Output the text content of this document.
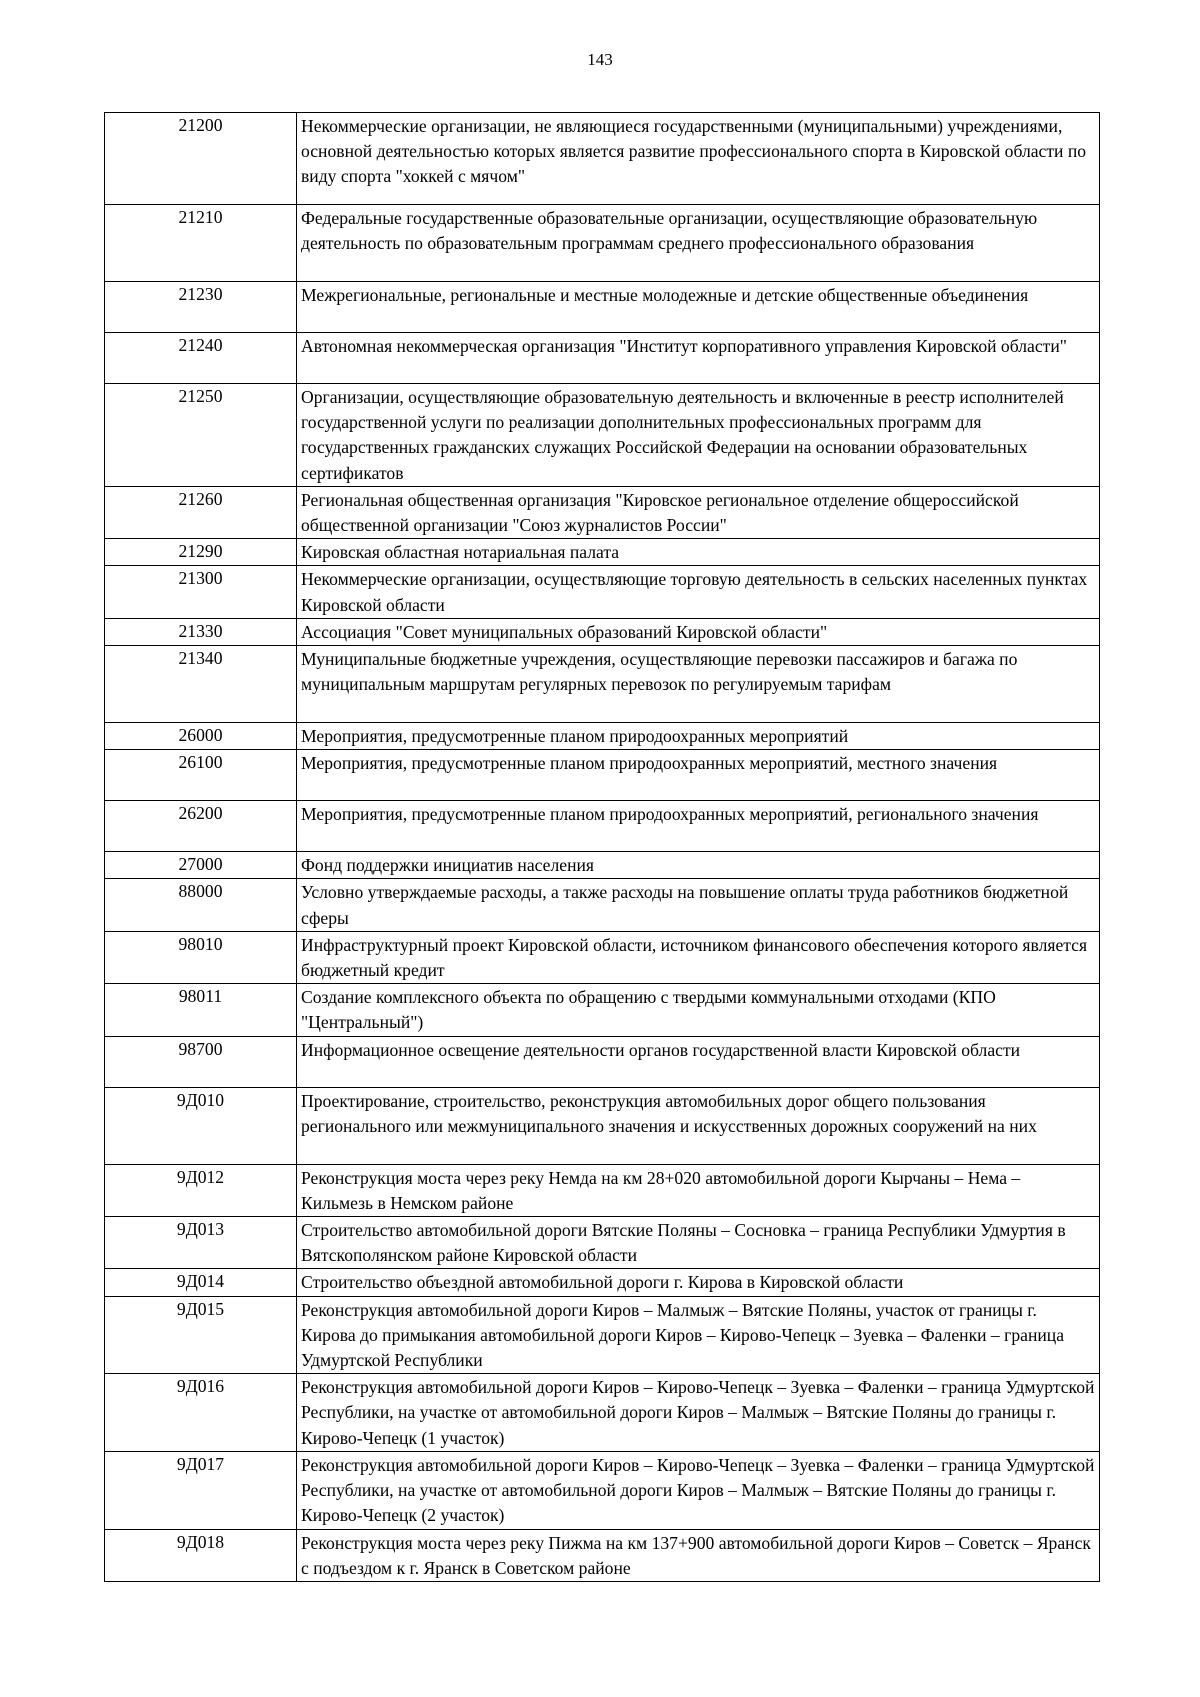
143
21200	Некоммерческие организации, не являющиеся государственными (муниципальными) учреждениями, основной деятельностью которых является развитие профессионального спорта в Кировской области по виду спорта "хоккей с мячом"
21210	Федеральные государственные образовательные организации, осуществляющие образовательную деятельность по образовательным программам среднего профессионального образования
21230	Межрегиональные, региональные и местные молодежные и детские общественные объединения
21240	Автономная некоммерческая организация "Институт корпоративного управления Кировской области"
21250	Организации, осуществляющие образовательную деятельность и включенные в реестр исполнителей государственной услуги по реализации дополнительных профессиональных программ для государственных гражданских служащих Российской Федерации на основании образовательных сертификатов
21260	Региональная общественная организация "Кировское региональное отделение общероссийской общественной организации "Союз журналистов России"
21290	Кировская областная нотариальная палата
21300	Некоммерческие организации, осуществляющие торговую деятельность в сельских населенных пунктах Кировской области
21330	Ассоциация "Совет муниципальных образований Кировской области"
21340	Муниципальные бюджетные учреждения, осуществляющие перевозки пассажиров и багажа по муниципальным маршрутам регулярных перевозок по регулируемым тарифам
26000	Мероприятия, предусмотренные планом природоохранных мероприятий
26100	Мероприятия, предусмотренные планом природоохранных мероприятий, местного значения
26200	Мероприятия, предусмотренные планом природоохранных мероприятий, регионального значения
27000	Фонд поддержки инициатив населения
88000	Условно утверждаемые расходы, а также расходы на повышение оплаты труда работников бюджетной сферы
98010	Инфраструктурный проект Кировской области, источником финансового обеспечения которого является бюджетный кредит
98011	Создание комплексного объекта по обращению с твердыми коммунальными отходами (КПО "Центральный")
98700	Информационное освещение деятельности органов государственной власти Кировской области
9Д010	Проектирование, строительство, реконструкция автомобильных дорог общего пользования регионального или межмуниципального значения и искусственных дорожных сооружений на них
9Д012	Реконструкция моста через реку Немда на км 28+020 автомобильной дороги Кырчаны – Нема – Кильмезь в Немском районе
9Д013	Строительство автомобильной дороги Вятские Поляны – Сосновка – граница Республики Удмуртия в Вятскополянском районе Кировской области
9Д014	Строительство объездной автомобильной дороги г. Кирова в Кировской области
9Д015	Реконструкция автомобильной дороги Киров – Малмыж – Вятские Поляны, участок от границы г. Кирова до примыкания автомобильной дороги Киров – Кирово-Чепецк – Зуевка – Фаленки – граница Удмуртской Республики
9Д016	Реконструкция автомобильной дороги Киров – Кирово-Чепецк – Зуевка – Фаленки – граница Удмуртской Республики, на участке от автомобильной дороги Киров – Малмыж – Вятские Поляны до границы г. Кирово-Чепецк (1 участок)
9Д017	Реконструкция автомобильной дороги Киров – Кирово-Чепецк – Зуевка – Фаленки – граница Удмуртской Республики, на участке от автомобильной дороги Киров – Малмыж – Вятские Поляны до границы г. Кирово-Чепецк (2 участок)
9Д018	Реконструкция моста через реку Пижма на км 137+900 автомобильной дороги Киров – Советск – Яранск с подъездом к г. Яранск в Советском районе
